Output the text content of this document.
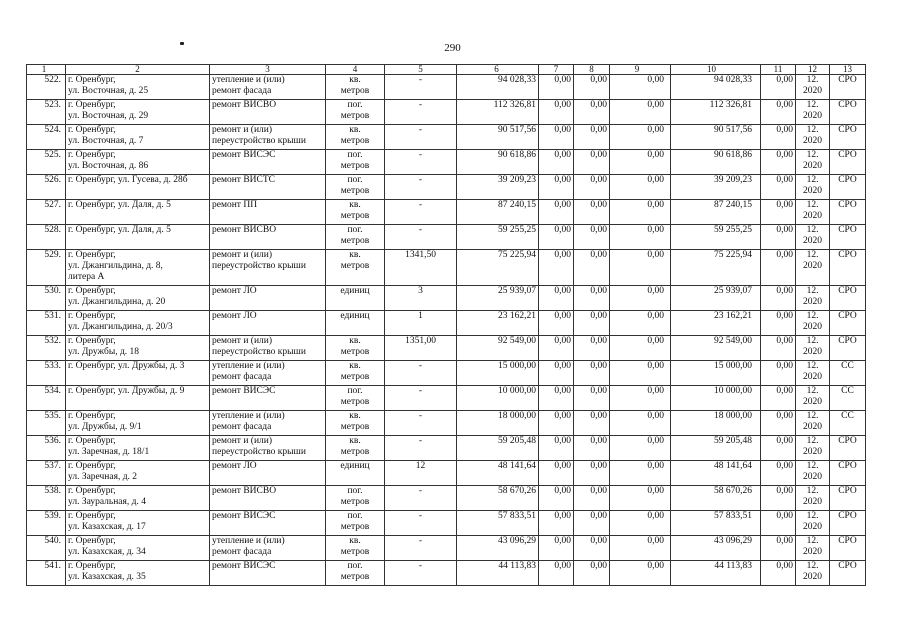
290
1	2	3	4	5	6	7	8	9	10	11	12	13
522.	г. Оренбург,
ул. Восточная, д. 25	утепление и (или)
ремонт фасада	кв.
метров	-	94 028,33	0,00	0,00	0,00	94 028,33	0,00	12.
2020	СРО
523.	г. Оренбург,
ул. Восточная, д. 29	ремонт ВИСВО	пог.
метров	-	112 326,81	0,00	0,00	0,00	112 326,81	0,00	12.
2020	СРО
524.	г. Оренбург,
ул. Восточная, д. 7	ремонт и (или)
переустройство крыши	кв.
метров	-	90 517,56	0,00	0,00	0,00	90 517,56	0,00	12.
2020	СРО
525.	г. Оренбург,
ул. Восточная, д. 86	ремонт ВИСЭС	пог.
метров	-	90 618,86	0,00	0,00	0,00	90 618,86	0,00	12.
2020	СРО
526.	г. Оренбург, ул. Гусева, д. 28б	ремонт ВИСТС	пог.
метров	-	39 209,23	0,00	0,00	0,00	39 209,23	0,00	12.
2020	СРО
527.	г. Оренбург, ул. Даля, д. 5	ремонт ПП	кв.
метров	-	87 240,15	0,00	0,00	0,00	87 240,15	0,00	12.
2020	СРО
528.	г. Оренбург, ул. Даля, д. 5	ремонт ВИСВО	пог.
метров	-	59 255,25	0,00	0,00	0,00	59 255,25	0,00	12.
2020	СРО
529.	г. Оренбург,
ул. Джангильдина, д. 8,
литера А	ремонт и (или)
переустройство крыши	кв.
метров	1341,50	75 225,94	0,00	0,00	0,00	75 225,94	0,00	12.
2020	СРО
530.	г. Оренбург,
ул. Джангильдина, д. 20	ремонт ЛО	единиц	3	25 939,07	0,00	0,00	0,00	25 939,07	0,00	12.
2020	СРО
531.	г. Оренбург,
ул. Джангильдина, д. 20/3	ремонт ЛО	единиц	1	23 162,21	0,00	0,00	0,00	23 162,21	0,00	12.
2020	СРО
532.	г. Оренбург,
ул. Дружбы, д. 18	ремонт и (или)
переустройство крыши	кв.
метров	1351,00	92 549,00	0,00	0,00	0,00	92 549,00	0,00	12.
2020	СРО
533.	г. Оренбург, ул. Дружбы, д. 3	утепление и (или)
ремонт фасада	кв.
метров	-	15 000,00	0,00	0,00	0,00	15 000,00	0,00	12.
2020	СС
534.	г. Оренбург, ул. Дружбы, д. 9	ремонт ВИСЭС	пог.
метров	-	10 000,00	0,00	0,00	0,00	10 000,00	0,00	12.
2020	СС
535.	г. Оренбург,
ул. Дружбы, д. 9/1	утепление и (или)
ремонт фасада	кв.
метров	-	18 000,00	0,00	0,00	0,00	18 000,00	0,00	12.
2020	СС
536.	г. Оренбург,
ул. Заречная, д. 18/1	ремонт и (или)
переустройство крыши	кв.
метров	-	59 205,48	0,00	0,00	0,00	59 205,48	0,00	12.
2020	СРО
537.	г. Оренбург,
ул. Заречная, д. 2	ремонт ЛО	единиц	12	48 141,64	0,00	0,00	0,00	48 141,64	0,00	12.
2020	СРО
538.	г. Оренбург,
ул. Зауральная, д. 4	ремонт ВИСВО	пог.
метров	-	58 670,26	0,00	0,00	0,00	58 670,26	0,00	12.
2020	СРО
539.	г. Оренбург,
ул. Казахская, д. 17	ремонт ВИСЭС	пог.
метров	-	57 833,51	0,00	0,00	0,00	57 833,51	0,00	12.
2020	СРО
540.	г. Оренбург,
ул. Казахская, д. 34	утепление и (или)
ремонт фасада	кв.
метров	-	43 096,29	0,00	0,00	0,00	43 096,29	0,00	12.
2020	СРО
541.	г. Оренбург,
ул. Казахская, д. 35	ремонт ВИСЭС	пог.
метров	-	44 113,83	0,00	0,00	0,00	44 113,83	0,00	12.
2020	СРО
